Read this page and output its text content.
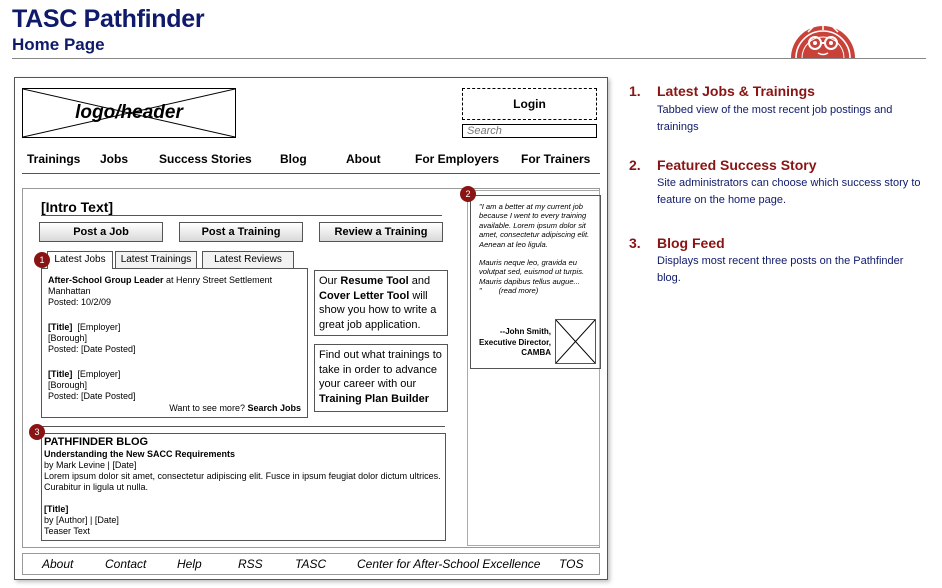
TASC Pathfinder
Home Page
logo/header	Login
Search
Trainings Jobs	Success Stories Blog	About	For Employers For Trainers
[Intro Text]
Post a Job	Post a Training	Review a Training
Latest Jobs	Latest Trainings	Latest Reviews
After-School Group Leader at Henry Street Settlement
Manhattan
Posted: 10/2/09
[Title] [Employer]
[Borough]
Posted: [Date Posted]
[Title] [Employer]
[Borough]
Posted: [Date Posted]
Want to see more? Search Jobs
Our Resume Tool and Cover Letter Tool will show you how to write a great job application.
Find out what trainings to take in order to advance your career with our Training Plan Builder
PATHFINDER BLOG
Understanding the New SACC Requirements
by Mark Levine | [Date]
Lorem ipsum dolor sit amet, consectetur adipiscing elit. Fusce in ipsum feugiat dolor dictum ultrices.
Curabitur in ligula ut nulla.
[Title]
by [Author] | [Date]
Teaser Text

"I am a better at my current job because I went to every training available. Lorem ipsum dolor sit amet, consectetur adipiscing elit. Aenean at leo ligula.

Mauris neque leo, gravida eu volutpat sed, euismod ut turpis. Mauris dapibus tellus augue... " (read more)

--John Smith,
Executive Director,
CAMBA
About	Contact	Help	RSS	TASC	Center for After-School Excellence TOS
1
2
3
1. Latest Jobs & Trainings
Tabbed view of the most recent job postings and trainings
2. Featured Success Story
Site administrators can choose which success story to feature on the home page.
3. Blog Feed
Displays most recent three posts on the Pathfinder blog.
